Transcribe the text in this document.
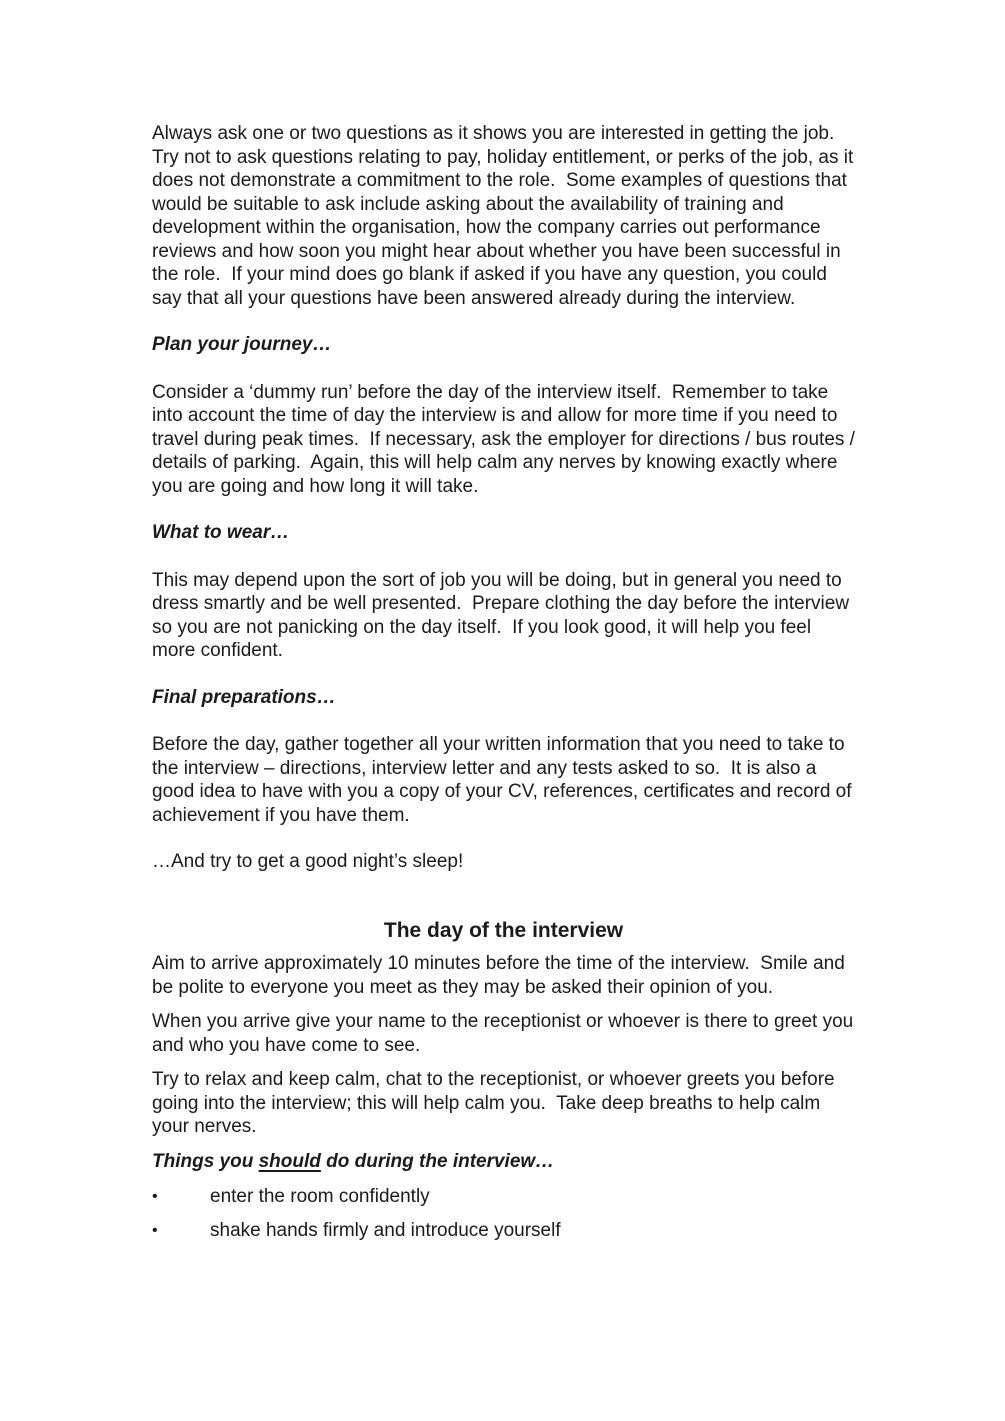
Always ask one or two questions as it shows you are interested in getting the job.  Try not to ask questions relating to pay, holiday entitlement, or perks of the job, as it does not demonstrate a commitment to the role.  Some examples of questions that would be suitable to ask include asking about the availability of training and development within the organisation, how the company carries out performance reviews and how soon you might hear about whether you have been successful in the role.  If your mind does go blank if asked if you have any question, you could say that all your questions have been answered already during the interview.

Plan your journey…

Consider a ‘dummy run’ before the day of the interview itself.  Remember to take into account the time of day the interview is and allow for more time if you need to travel during peak times.  If necessary, ask the employer for directions / bus routes / details of parking.  Again, this will help calm any nerves by knowing exactly where you are going and how long it will take.

What to wear…

This may depend upon the sort of job you will be doing, but in general you need to dress smartly and be well presented.  Prepare clothing the day before the interview so you are not panicking on the day itself.  If you look good, it will help you feel more confident.

Final preparations…

Before the day, gather together all your written information that you need to take to the interview – directions, interview letter and any tests asked to so.  It is also a good idea to have with you a copy of your CV, references, certificates and record of achievement if you have them.

…And try to get a good night’s sleep!

The day of the interview

Aim to arrive approximately 10 minutes before the time of the interview.  Smile and be polite to everyone you meet as they may be asked their opinion of you.

When you arrive give your name to the receptionist or whoever is there to greet you and who you have come to see.

Try to relax and keep calm, chat to the receptionist, or whoever greets you before going into the interview; this will help calm you.  Take deep breaths to help calm your nerves.

Things you should do during the interview…
•	enter the room confidently
•	shake hands firmly and introduce yourself
